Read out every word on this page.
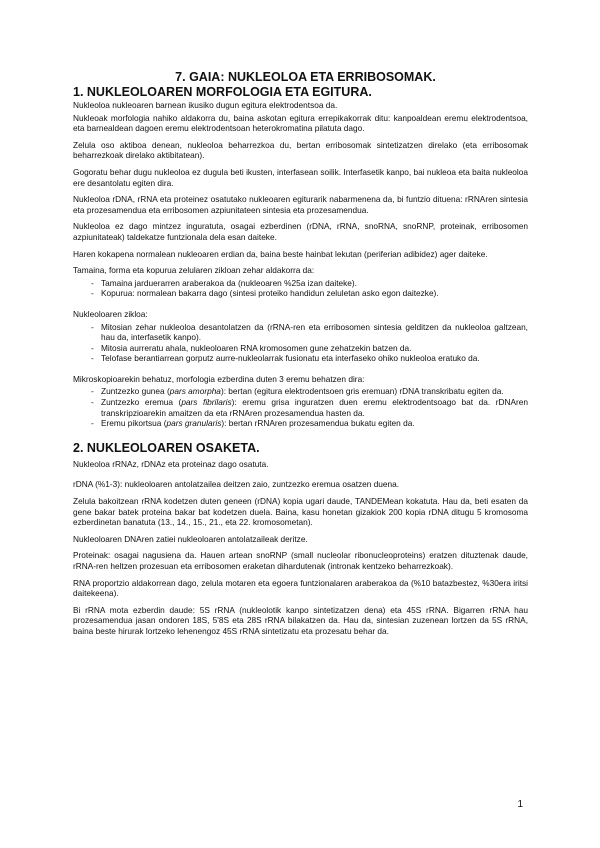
7. GAIA: NUKLEOLOA ETA ERRIBOSOMAK.
1. NUKLEOLOAREN MORFOLOGIA ETA EGITURA.

Nukleoloa nukleoaren barnean ikusiko dugun egitura elektrodentsoa da.

Nukleoak morfologia nahiko aldakorra du, baina askotan egitura errepikakorrak ditu: kanpoaldean eremu elektrodentsoa, eta barnealdean dagoen eremu elektrodentsoan heterokromatina pilatuta dago.

Zelula oso aktiboa denean, nukleoloa beharrezkoa du, bertan erribosomak sintetizatzen direlako (eta erribosomak beharrezkoak direlako aktibitatean).

Gogoratu behar dugu nukleoloa ez dugula beti ikusten, interfasean soilik. Interfasetik kanpo, bai nukleoa eta baita nukleoloa ere desantolatu egiten dira.

Nukleoloa rDNA, rRNA eta proteinez osatutako nukleoaren egiturarik nabarmenena da, bi funtzio dituena: rRNAren sintesia eta prozesamendua eta erribosomen azpiunitateen sintesia eta prozesamendua.

Nukleoloa ez dago mintzez inguratuta, osagai ezberdinen (rDNA, rRNA, snoRNA, snoRNP, proteinak, erribosomen azpiunitateak) taldekatze funtzionala dela esan daiteke.

Haren kokapena normalean nukleoaren erdian da, baina beste hainbat lekutan (periferian adibidez) ager daiteke.

Tamaina, forma eta kopurua zelularen zikloan zehar aldakorra da:

- Tamaina jarduerarren araberakoa da (nukleoaren %25a izan daiteke).
- Kopurua: normalean bakarra dago (sintesi proteiko handidun zeluletan asko egon daitezke).

Nukleoloaren zikloa:

- Mitosian zehar nukleoloa desantolatzen da (rRNA-ren eta erribosomen sintesia gelditzen da nukleoloa galtzean, hau da, interfasetik kanpo).
- Mitosia aurreratu ahala, nukleoloaren RNA kromosomen gune zehatzekin batzen da.
- Telofase berantiarrean gorputz aurre-nukleolarrak fusionatu eta interfaseko ohiko nukleoloa eratuko da.

Mikroskopioarekin behatuz, morfologia ezberdina duten 3 eremu behatzen dira:

- Zuntzezko gunea (pars amorpha): bertan (egitura elektrodentsoen gris eremuan) rDNA transkribatu egiten da.
- Zuntzezko eremua (pars fibrilaris): eremu grisa inguratzen duen eremu elektrodentsoago bat da. rDNAren transkripzioarekin amaitzen da eta rRNAren prozesamendua hasten da.
- Eremu pikortsua (pars granularis): bertan rRNAren prozesamendua bukatu egiten da.
2. NUKLEOLOAREN OSAKETA.

Nukleoloa rRNAz, rDNAz eta proteinaz dago osatuta.

rDNA (%1-3): nukleoloaren antolatzailea deitzen zaio, zuntzezko eremua osatzen duena.

Zelula bakoitzean rRNA kodetzen duten geneen (rDNA) kopia ugari daude, TANDEMean kokatuta. Hau da, beti esaten da gene bakar batek proteina bakar bat kodetzen duela. Baina, kasu honetan gizakiok 200 kopia rDNA ditugu 5 kromosoma ezberdinetan banatuta (13., 14., 15., 21., eta 22. kromosometan).

Nukleoloaren DNAren zatiei nukleoloaren antolatzaileak deritze.

Proteinak: osagai nagusiena da. Hauen artean snoRNP (small nucleolar ribonucleoproteins) eratzen dituztenak daude, rRNA-ren heltzen prozesuan eta erribosomen eraketan dihardutenak (intronak kentzeko beharrezkoak).

RNA proportzio aldakorrean dago, zelula motaren eta egoera funtzionalaren araberakoa da (%10 batazbestez, %30era iritsi daitekeena).

Bi rRNA mota ezberdin daude: 5S rRNA (nukleolotik kanpo sintetizatzen dena) eta 45S rRNA. Bigarren rRNA hau prozesamendua jasan ondoren 18S, 5'8S eta 28S rRNA bilakatzen da. Hau da, sintesian zuzenean lortzen da 5S rRNA, baina beste hirurak lortzeko lehenengoz 45S rRNA sintetizatu eta prozesatu behar da.

1
